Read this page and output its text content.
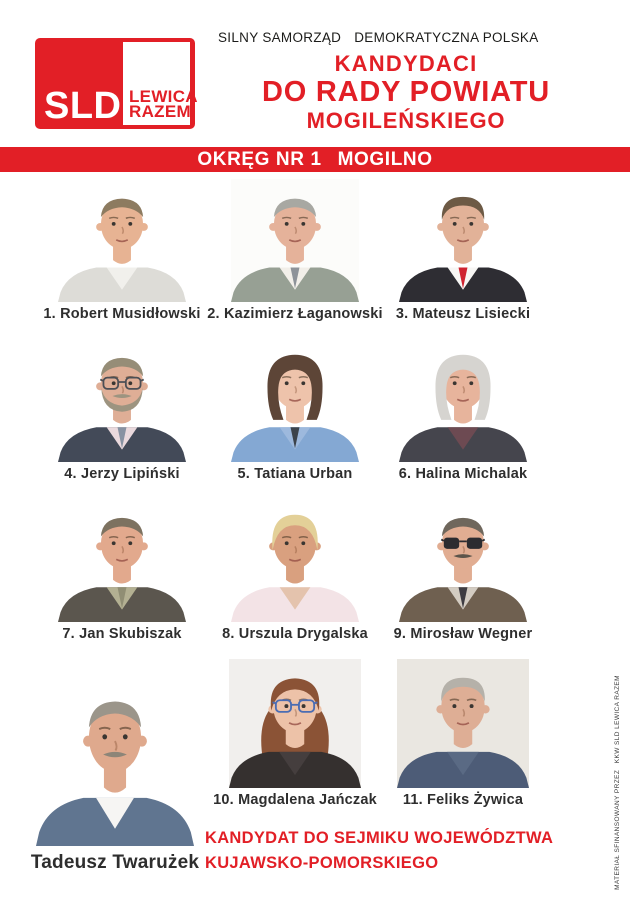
SLD LEWICA
RAZEM
SILNY SAMORZĄD DEMOKRATYCZNA POLSKA
KANDYDACI
DO RADY POWIATU
MOGILEŃSKIEGO
OKRĘG NR 1 MOGILNO
1. Robert Musidłowski 2. Kazimierz Łaganowski 3. Mateusz Lisiecki
4. Jerzy Lipiński	5. Tatiana Urban	6. Halina Michalak
7. Jan Skubiszak	8. Urszula Drygalska	9. Mirosław Wegner
10. Magdalena Jańczak	11. Feliks Żywica
Tadeusz Twarużek
KANDYDAT DO SEJMIKU WOJEWÓDZTWA
KUJAWSKO-POMORSKIEGO	MATERIAŁ SFINANSOWANY PRZEZ   KKW SLD LEWICA RAZEM
